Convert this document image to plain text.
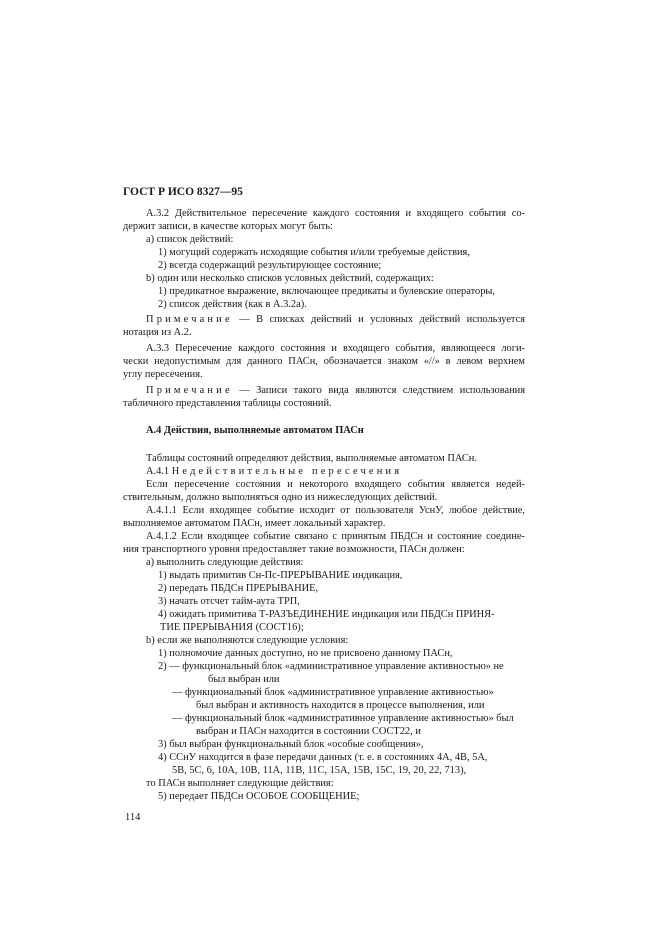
ГОСТ Р ИСО 8327—95
А.3.2 Действительное пересечение каждого состояния и входящего события со-
держит записи, в качестве которых могут быть:
а) список действий:
1) могущий содержать исходящие события и/или требуемые действия,
2) всегда содержащий результирующее состояние;
b) один или несколько списков условных действий, содержащих:
1) предикатное выражение, включающее предикаты и булевские операторы,
2) список действия (как в А.3.2а).
Примечание — В списках действий и условных действий используется
нотация из А.2.
А.3.3 Пересечение каждого состояния и входящего события, являющееся логи-
чески недопустимым для данного ПАСн, обозначается знаком «//» в левом верхнем
углу пересечения.
Примечание — Записи такого вида являются следствием использования
табличного представления таблицы состояний.
А.4 Действия, выполняемые автоматом ПАСн
Таблицы состояний определяют действия, выполняемые автоматом ПАСн.
А.4.1 Недействительные пересечения
Если пересечение состояния и некоторого входящего события является недей-
ствительным, должно выполняться одно из нижеследующих действий.
А.4.1.1 Если входящее событие исходит от пользователя УснУ, любое действие,
выполняемое автоматом ПАСн, имеет локальный характер.
А.4.1.2 Если входящее событие связано с принятым ПБДСн и состояние соедине-
ния транспортного уровня предоставляет такие возможности, ПАСн должен:
а) выполнить следующие действия:
1) выдать примитив Сн-Пс-ПРЕРЫВАНИЕ индикация,
2) передать ПБДСн ПРЕРЫВАНИЕ,
3) начать отсчет тайм-аута ТРП,
4) ожидать примитива Т-РАЗЪЕДИНЕНИЕ индикация или ПБДСн ПРИНЯ-
ТИЕ ПРЕРЫВАНИЯ (СОСТ16);
b) если же выполняются следующие условия:
1) полномочие данных доступно, но не присвоено данному ПАСн,
2) — функциональный блок «административное управление активностью» не
был выбран или
— функциональный блок «административное управление активностью»
был выбран и активность находится в процессе выполнения, или
— функциональный блок «административное управление активностью» был
выбран и ПАСн находится в состоянии СОСТ22, и
3) был выбран функциональный блок «особые сообщения»,
4) ССнУ находится в фазе передачи данных (т. е. в состояниях 4А, 4В, 5А,
5В, 5С, 6, 10А, 10В, 11А, 11В, 11С, 15А, 15В, 15С, 19, 20, 22, 713),
то ПАСн выполняет следующие действия:
5) передает ПБДСн ОСОБОЕ СООБЩЕНИЕ;
114
